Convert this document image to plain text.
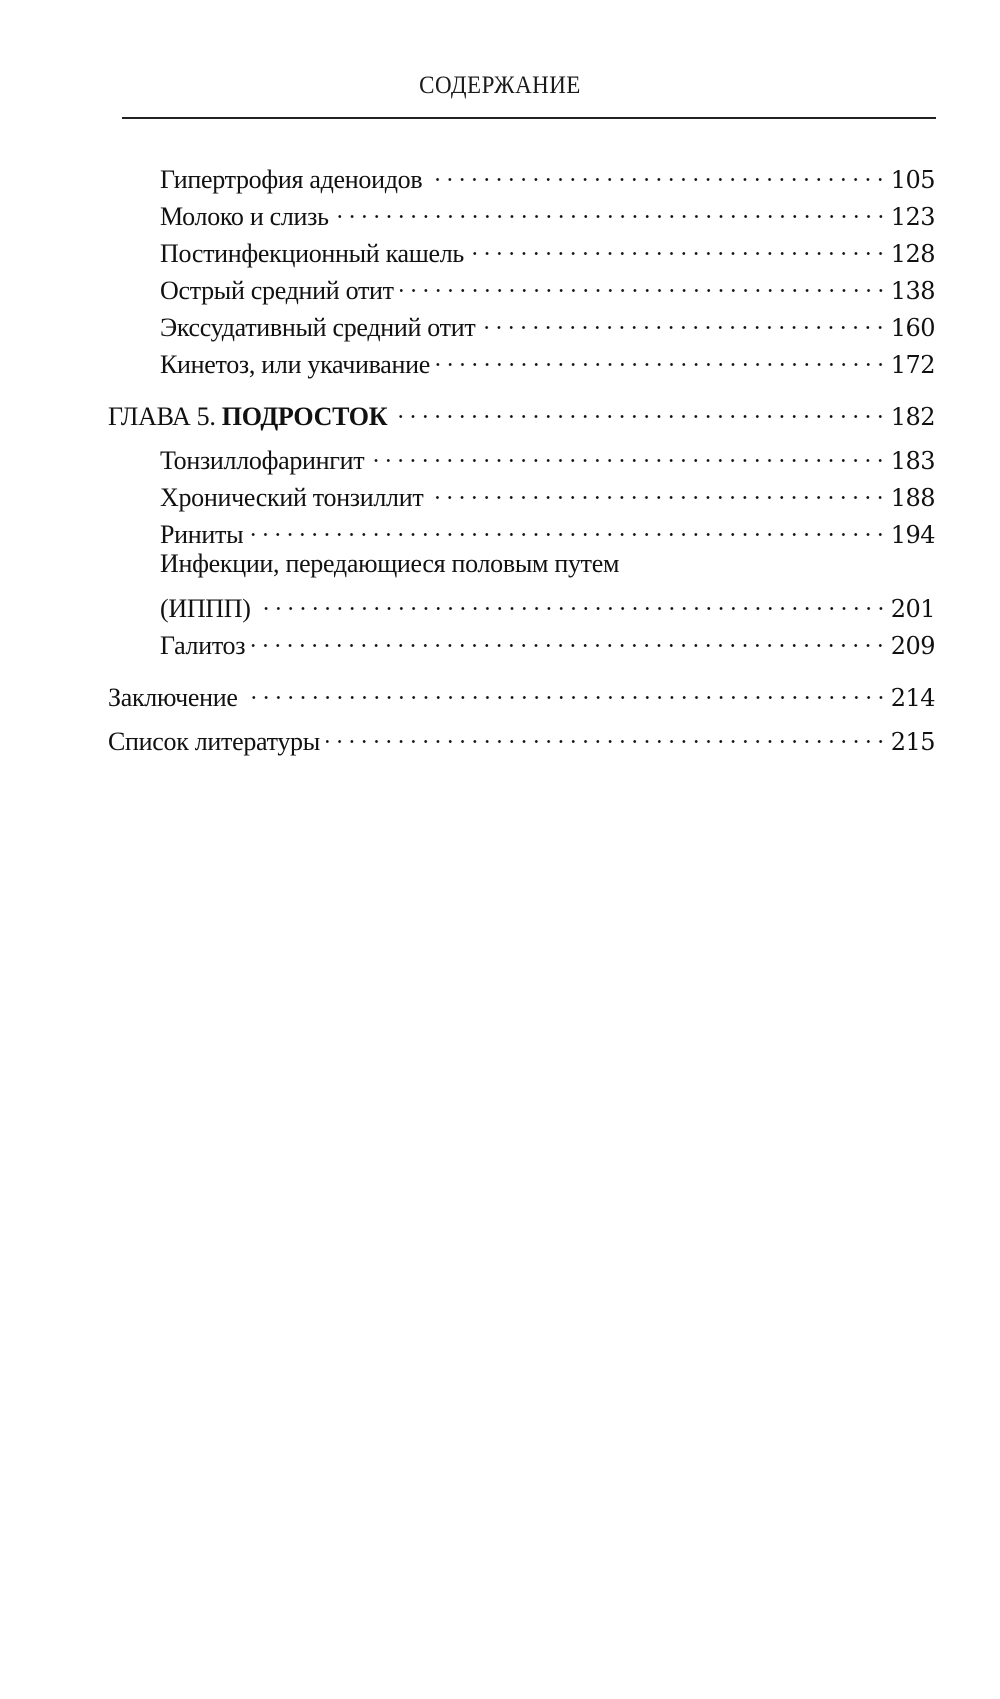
СОДЕРЖАНИЕ
Гипертрофия аденоидов	105
Молоко и слизь	123
Постинфекционный кашель	128
Острый средний отит	138
Экссудативный средний отит	160
Кинетоз, или укачивание	172
ГЛАВА 5. ПОДРОСТОК	182
Тонзиллофарингит	183
Хронический тонзиллит	188
Риниты	194
Инфекции, передающиеся половым путем
(ИППП)	201
Галитоз	209
Заключение	214
Список литературы	215
